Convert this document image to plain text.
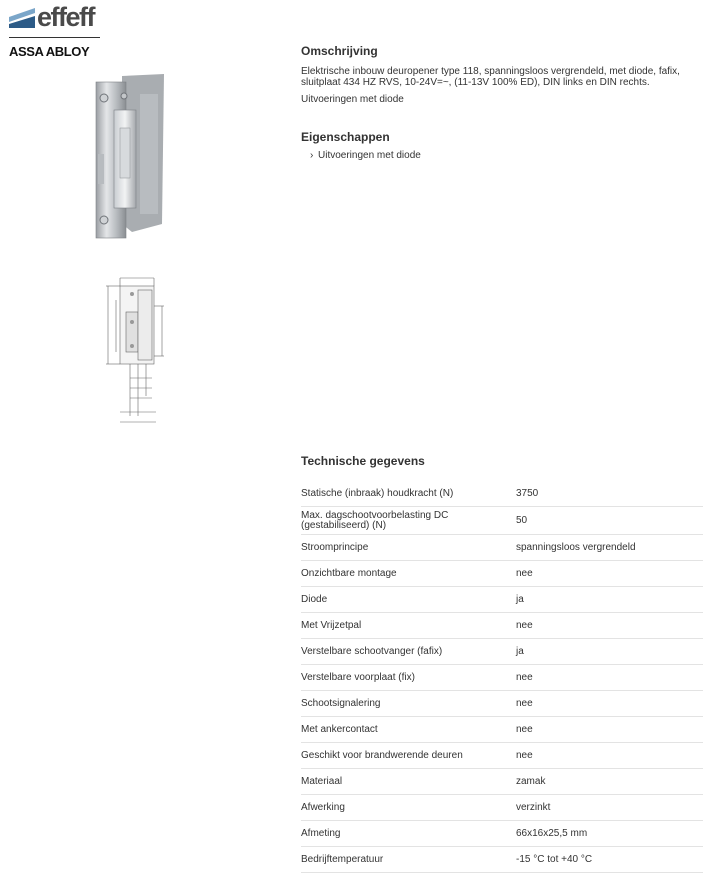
effeff
ASSA ABLOY	Omschrijving
Elektrische inbouw deuropener type 118, spanningsloos vergrendeld, met diode, fafix, sluitplaat 434 HZ RVS, 10-24V=~, (11-13V 100% ED), DIN links en DIN rechts.
Uitvoeringen met diode
Eigenschappen
› Uitvoeringen met diode
Technische gegevens
Statische (inbraak) houdkracht (N)	3750
Max. dagschootvoorbelasting DC (gestabiliseerd) (N)	50
Stroomprincipe	spanningsloos vergrendeld
Onzichtbare montage	nee
Diode	ja
Met Vrijzetpal	nee
Verstelbare schootvanger (fafix)	ja
Verstelbare voorplaat (fix)	nee
Schootsignalering	nee
Met ankercontact	nee
Geschikt voor brandwerende deuren	nee
Materiaal	zamak
Afwerking	verzinkt
Afmeting	66x16x25,5 mm
Bedrijftemperatuur	-15 °C tot +40 °C
